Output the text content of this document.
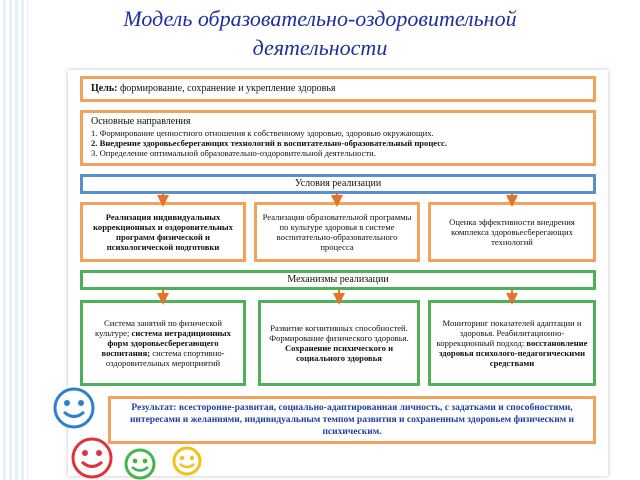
Модель образовательно-оздоровительной
деятельности
Цель: формирование, сохранение и укрепление здоровья
Основные направления
1. Формирование ценностного отношения к собственному здоровью, здоровью окружающих.
2. Внедрение здоровьесберегающих технологий в воспитательно-образовательный процесс.
3. Определение оптимальной образовательно-оздоровительной деятельности.
Условия реализации
Реализация индивидуальных коррекционных и оздоровительных программ физической и психологической подготовки
Реализация образовательной программы по культуре здоровья в системе воспитательно-образовательного процесса
Оценка эффективности внедрения комплекса здоровьесберегающих технологий
Механизмы реализации
Система занятий по физической культуре; система нетрадиционных форм здоровьесберегающего воспитания; система спортивно-оздоровительных мероприятий
Развитие когнитивных способностей. Формирование физического здоровья. Сохранение психического и социального здоровья
Мониторинг показателей адаптации и здоровья. Реабилитационно-коррекционный подход: восстановление здоровья психолого-педагогическими средствами
Результат: всесторонне-развитая, социально-адаптированная личность, с задатками и способностями, интересами и желаниями, индивидуальным темпом развития и сохраненным здоровьем физическим и психическим.
